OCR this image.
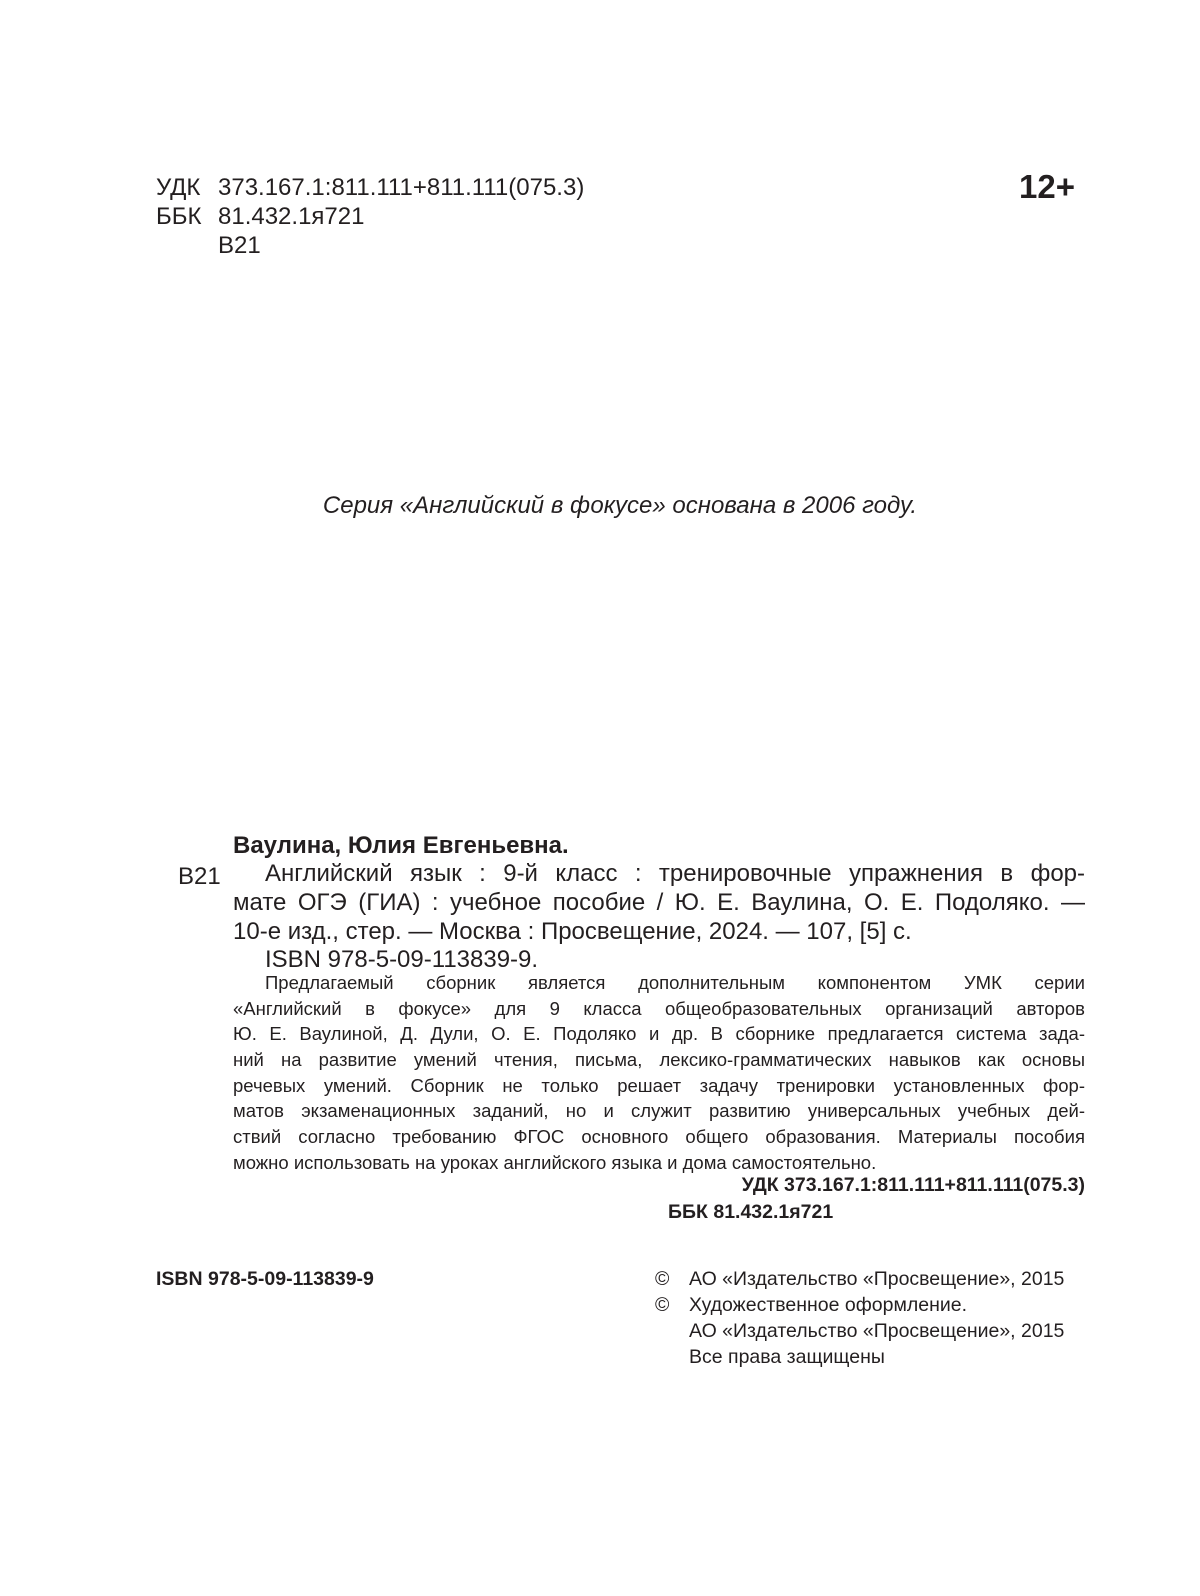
УДК 373.167.1:811.111+811.111(075.3)
ББК 81.432.1я721
В21
12+
Серия «Английский в фокусе» основана в 2006 году.
Ваулина, Юлия Евгеньевна.
В21 Английский язык : 9-й класс : тренировочные упражнения в фор-
мате ОГЭ (ГИА) : учебное пособие / Ю. Е. Ваулина, О. Е. Подоляко. —
10-е изд., стер. — Москва : Просвещение, 2024. — 107, [5] с.
ISBN 978-5-09-113839-9.
Предлагаемый сборник является дополнительным компонентом УМК серии
«Английский в фокусе» для 9 класса общеобразовательных организаций авторов
Ю. Е. Ваулиной, Д. Дули, О. Е. Подоляко и др. В сборнике предлагается система зада-
ний на развитие умений чтения, письма, лексико-грамматических навыков как основы
речевых умений. Сборник не только решает задачу тренировки установленных фор-
матов экзаменационных заданий, но и служит развитию универсальных учебных дей-
ствий согласно требованию ФГОС основного общего образования. Материалы пособия
можно использовать на уроках английского языка и дома самостоятельно.
УДК 373.167.1:811.111+811.111(075.3)
ББК 81.432.1я721
ISBN 978-5-09-113839-9	© АО «Издательство «Просвещение», 2015
© Художественное оформление.
АО «Издательство «Просвещение», 2015
Все права защищены
